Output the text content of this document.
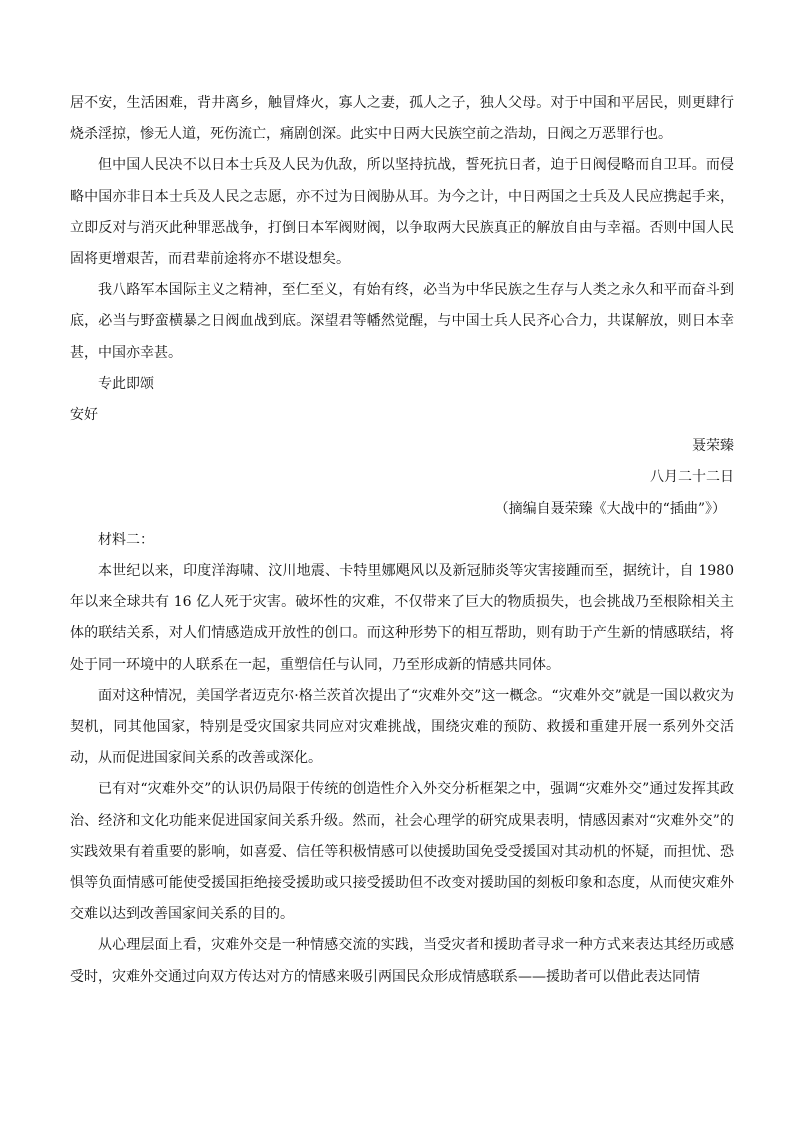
居不安，生活困难，背井离乡，触冒烽火，寡人之妻，孤人之子，独人父母。对于中国和平居民，则更肆行烧杀淫掠，惨无人道，死伤流亡，痛剧创深。此实中日两大民族空前之浩劫，日阀之万恶罪行也。

但中国人民决不以日本士兵及人民为仇敌，所以坚持抗战，誓死抗日者，迫于日阀侵略而自卫耳。而侵略中国亦非日本士兵及人民之志愿，亦不过为日阀胁从耳。为今之计，中日两国之士兵及人民应携起手来，立即反对与消灭此种罪恶战争，打倒日本军阀财阀，以争取两大民族真正的解放自由与幸福。否则中国人民固将更增艰苦，而君辈前途将亦不堪设想矣。

我八路军本国际主义之精神，至仁至义，有始有终，必当为中华民族之生存与人类之永久和平而奋斗到底，必当与野蛮横暴之日阀血战到底。深望君等幡然觉醒，与中国士兵人民齐心合力，共谋解放，则日本幸甚，中国亦幸甚。

专此即颂

安好

聂荣臻

八月二十二日

（摘编自聂荣臻《大战中的“插曲”》）

材料二：

本世纪以来，印度洋海啸、汶川地震、卡特里娜飓风以及新冠肺炎等灾害接踵而至，据统计，自 1980 年以来全球共有 16 亿人死于灾害。破坏性的灾难，不仅带来了巨大的物质损失，也会挑战乃至根除相关主体的联结关系，对人们情感造成开放性的创口。而这种形势下的相互帮助，则有助于产生新的情感联结，将处于同一环境中的人联系在一起，重塑信任与认同，乃至形成新的情感共同体。

面对这种情况，美国学者迈克尔·格兰茨首次提出了“灾难外交”这一概念。“灾难外交”就是一国以救灾为契机，同其他国家，特别是受灾国家共同应对灾难挑战，围绕灾难的预防、救援和重建开展一系列外交活动，从而促进国家间关系的改善或深化。

已有对“灾难外交”的认识仍局限于传统的创造性介入外交分析框架之中，强调“灾难外交”通过发挥其政治、经济和文化功能来促进国家间关系升级。然而，社会心理学的研究成果表明，情感因素对“灾难外交”的实践效果有着重要的影响，如喜爱、信任等积极情感可以使援助国免受受援国对其动机的怀疑，而担忧、恐惧等负面情感可能使受援国拒绝接受援助或只接受援助但不改变对援助国的刻板印象和态度，从而使灾难外交难以达到改善国家间关系的目的。

从心理层面上看，灾难外交是一种情感交流的实践，当受灾者和援助者寻求一种方式来表达其经历或感受时，灾难外交通过向双方传达对方的情感来吸引两国民众形成情感联系——援助者可以借此表达同情
